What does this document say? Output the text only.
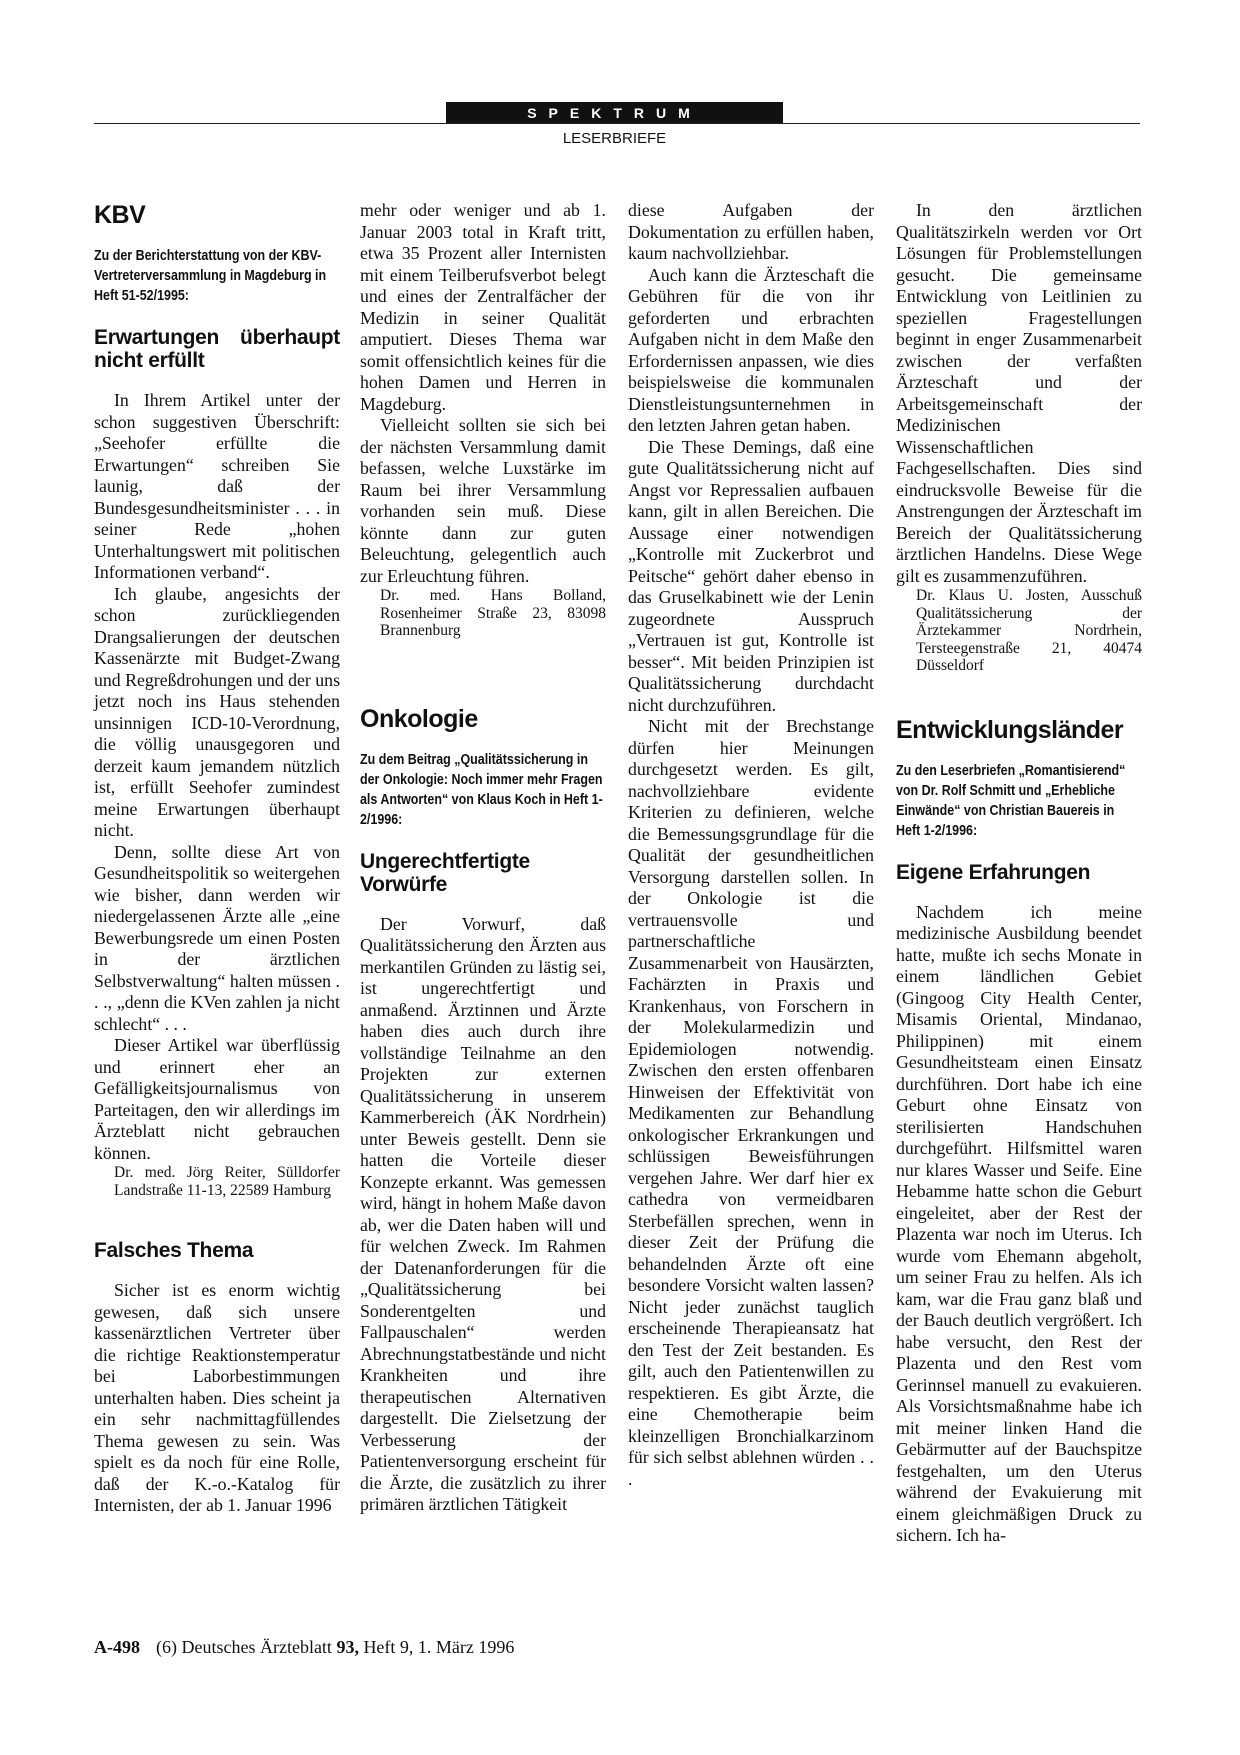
SPEKTRUM
LESERBRIEFE
KBV
Zu der Berichterstattung von der KBV-Vertreterversammlung in Magdeburg in Heft 51-52/1995:
Erwartungen überhaupt nicht erfüllt

In Ihrem Artikel unter der schon suggestiven Überschrift: „Seehofer erfüllte die Erwartungen“ schreiben Sie launig, daß der Bundesgesundheitsminister . . . in seiner Rede „hohen Unterhaltungswert mit politischen Informationen verband“.

Ich glaube, angesichts der schon zurückliegenden Drangsalierungen der deutschen Kassenärzte mit Budget-Zwang und Regreßdrohungen und der uns jetzt noch ins Haus stehenden unsinnigen ICD-10-Verordnung, die völlig unausgegoren und derzeit kaum jemandem nützlich ist, erfüllt Seehofer zumindest meine Erwartungen überhaupt nicht.

Denn, sollte diese Art von Gesundheitspolitik so weitergehen wie bisher, dann werden wir niedergelassenen Ärzte alle „eine Bewerbungsrede um einen Posten in der ärztlichen Selbstverwaltung“ halten müssen . . ., „denn die KVen zahlen ja nicht schlecht“ . . .

Dieser Artikel war überflüssig und erinnert eher an Gefälligkeitsjournalismus von Parteitagen, den wir allerdings im Ärzteblatt nicht gebrauchen können.

Dr. med. Jörg Reiter, Sülldorfer Landstraße 11-13, 22589 Hamburg
Falsches Thema

Sicher ist es enorm wichtig gewesen, daß sich unsere kassenärztlichen Vertreter über die richtige Reaktionstemperatur bei Laborbestimmungen unterhalten haben. Dies scheint ja ein sehr nachmittagfüllendes Thema gewesen zu sein. Was spielt es da noch für eine Rolle, daß der K.-o.-Katalog für Internisten, der ab 1. Januar 1996

mehr oder weniger und ab 1. Januar 2003 total in Kraft tritt, etwa 35 Prozent aller Internisten mit einem Teilberufsverbot belegt und eines der Zentralfächer der Medizin in seiner Qualität amputiert. Dieses Thema war somit offensichtlich keines für die hohen Damen und Herren in Magdeburg.

Vielleicht sollten sie sich bei der nächsten Versammlung damit befassen, welche Luxstärke im Raum bei ihrer Versammlung vorhanden sein muß. Diese könnte dann zur guten Beleuchtung, gelegentlich auch zur Erleuchtung führen.

Dr. med. Hans Bolland, Rosenheimer Straße 23, 83098 Brannenburg
Onkologie
Zu dem Beitrag „Qualitätssicherung in der Onkologie: Noch immer mehr Fragen als Antworten“ von Klaus Koch in Heft 1-2/1996:
Ungerechtfertigte Vorwürfe

Der Vorwurf, daß Qualitätssicherung den Ärzten aus merkantilen Gründen zu lästig sei, ist ungerechtfertigt und anmaßend. Ärztinnen und Ärzte haben dies auch durch ihre vollständige Teilnahme an den Projekten zur externen Qualitätssicherung in unserem Kammerbereich (ÄK Nordrhein) unter Beweis gestellt. Denn sie hatten die Vorteile dieser Konzepte erkannt. Was gemessen wird, hängt in hohem Maße davon ab, wer die Daten haben will und für welchen Zweck. Im Rahmen der Datenanforderungen für die „Qualitätssicherung bei Sonderentgelten und Fallpauschalen“ werden Abrechnungstatbestände und nicht Krankheiten und ihre therapeutischen Alternativen dargestellt. Die Zielsetzung der Verbesserung der Patientenversorgung erscheint für die Ärzte, die zusätzlich zu ihrer primären ärztlichen Tätigkeit

diese Aufgaben der Dokumentation zu erfüllen haben, kaum nachvollziehbar.

Auch kann die Ärzteschaft die Gebühren für die von ihr geforderten und erbrachten Aufgaben nicht in dem Maße den Erfordernissen anpassen, wie dies beispielsweise die kommunalen Dienstleistungsunternehmen in den letzten Jahren getan haben.

Die These Demings, daß eine gute Qualitätssicherung nicht auf Angst vor Repressalien aufbauen kann, gilt in allen Bereichen. Die Aussage einer notwendigen „Kontrolle mit Zuckerbrot und Peitsche“ gehört daher ebenso in das Gruselkabinett wie der Lenin zugeordnete Ausspruch „Vertrauen ist gut, Kontrolle ist besser“. Mit beiden Prinzipien ist Qualitätssicherung durchdacht nicht durchzuführen.

Nicht mit der Brechstange dürfen hier Meinungen durchgesetzt werden. Es gilt, nachvollziehbare evidente Kriterien zu definieren, welche die Bemessungsgrundlage für die Qualität der gesundheitlichen Versorgung darstellen sollen. In der Onkologie ist die vertrauensvolle und partnerschaftliche Zusammenarbeit von Hausärzten, Fachärzten in Praxis und Krankenhaus, von Forschern in der Molekularmedizin und Epidemiologen notwendig. Zwischen den ersten offenbaren Hinweisen der Effektivität von Medikamenten zur Behandlung onkologischer Erkrankungen und schlüssigen Beweisführungen vergehen Jahre. Wer darf hier ex cathedra von vermeidbaren Sterbefällen sprechen, wenn in dieser Zeit der Prüfung die behandelnden Ärzte oft eine besondere Vorsicht walten lassen? Nicht jeder zunächst tauglich erscheinende Therapieansatz hat den Test der Zeit bestanden. Es gilt, auch den Patientenwillen zu respektieren. Es gibt Ärzte, die eine Chemotherapie beim kleinzelligen Bronchialkarzinom für sich selbst ablehnen würden . . .

In den ärztlichen Qualitätszirkeln werden vor Ort Lösungen für Problemstellungen gesucht. Die gemeinsame Entwicklung von Leitlinien zu speziellen Fragestellungen beginnt in enger Zusammenarbeit zwischen der verfaßten Ärzteschaft und der Arbeitsgemeinschaft der Medizinischen Wissenschaftlichen Fachgesellschaften. Dies sind eindrucksvolle Beweise für die Anstrengungen der Ärzteschaft im Bereich der Qualitätssicherung ärztlichen Handelns. Diese Wege gilt es zusammenzuführen.

Dr. Klaus U. Josten, Ausschuß Qualitätssicherung der Ärztekammer Nordrhein, Tersteegenstraße 21, 40474 Düsseldorf
Entwicklungsländer
Zu den Leserbriefen „Romantisierend“ von Dr. Rolf Schmitt und „Erhebliche Einwände“ von Christian Bauereis in Heft 1-2/1996:
Eigene Erfahrungen

Nachdem ich meine medizinische Ausbildung beendet hatte, mußte ich sechs Monate in einem ländlichen Gebiet (Gingoog City Health Center, Misamis Oriental, Mindanao, Philippinen) mit einem Gesundheitsteam einen Einsatz durchführen. Dort habe ich eine Geburt ohne Einsatz von sterilisierten Handschuhen durchgeführt. Hilfsmittel waren nur klares Wasser und Seife. Eine Hebamme hatte schon die Geburt eingeleitet, aber der Rest der Plazenta war noch im Uterus. Ich wurde vom Ehemann abgeholt, um seiner Frau zu helfen. Als ich kam, war die Frau ganz blaß und der Bauch deutlich vergrößert. Ich habe versucht, den Rest der Plazenta und den Rest vom Gerinnsel manuell zu evakuieren. Als Vorsichtsmaßnahme habe ich mit meiner linken Hand die Gebärmutter auf der Bauchspitze festgehalten, um den Uterus während der Evakuierung mit einem gleichmäßigen Druck zu sichern. Ich ha-

A-498 (6) Deutsches Ärzteblatt 93, Heft 9, 1. März 1996
